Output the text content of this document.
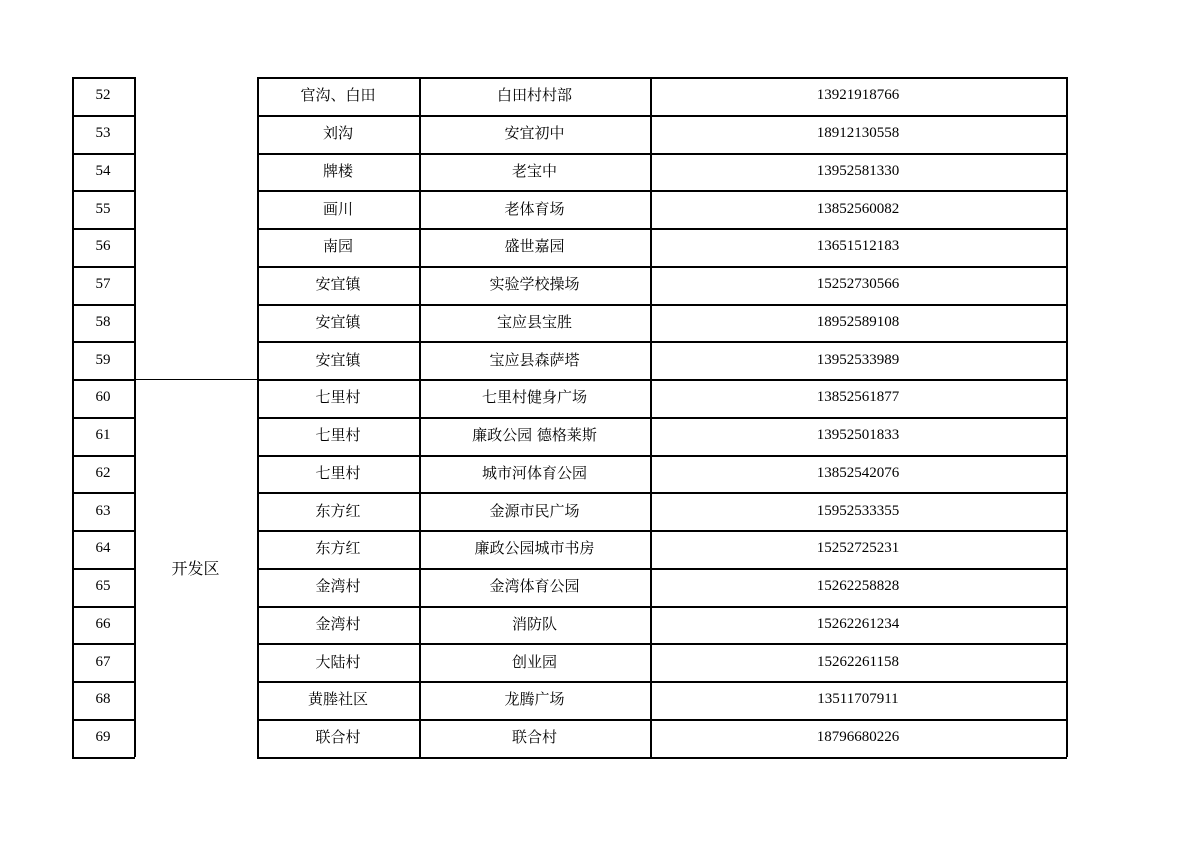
开发区
52	官沟、白田	白田村村部	13921918766
53	刘沟	安宜初中	18912130558
54	牌楼	老宝中	13952581330
55	画川	老体育场	13852560082
56	南园	盛世嘉园	13651512183
57	安宜镇	实验学校操场	15252730566
58	安宜镇	宝应县宝胜	18952589108
59	安宜镇	宝应县森萨塔	13952533989
60	七里村	七里村健身广场	13852561877
61	七里村	廉政公园 德格莱斯	13952501833
62	七里村	城市河体育公园	13852542076
63	东方红	金源市民广场	15952533355
64	东方红	廉政公园城市书房	15252725231
65	金湾村	金湾体育公园	15262258828
66	金湾村	消防队	15262261234
67	大陆村	创业园	15262261158
68	黄塍社区	龙腾广场	13511707911
69	联合村	联合村	18796680226
